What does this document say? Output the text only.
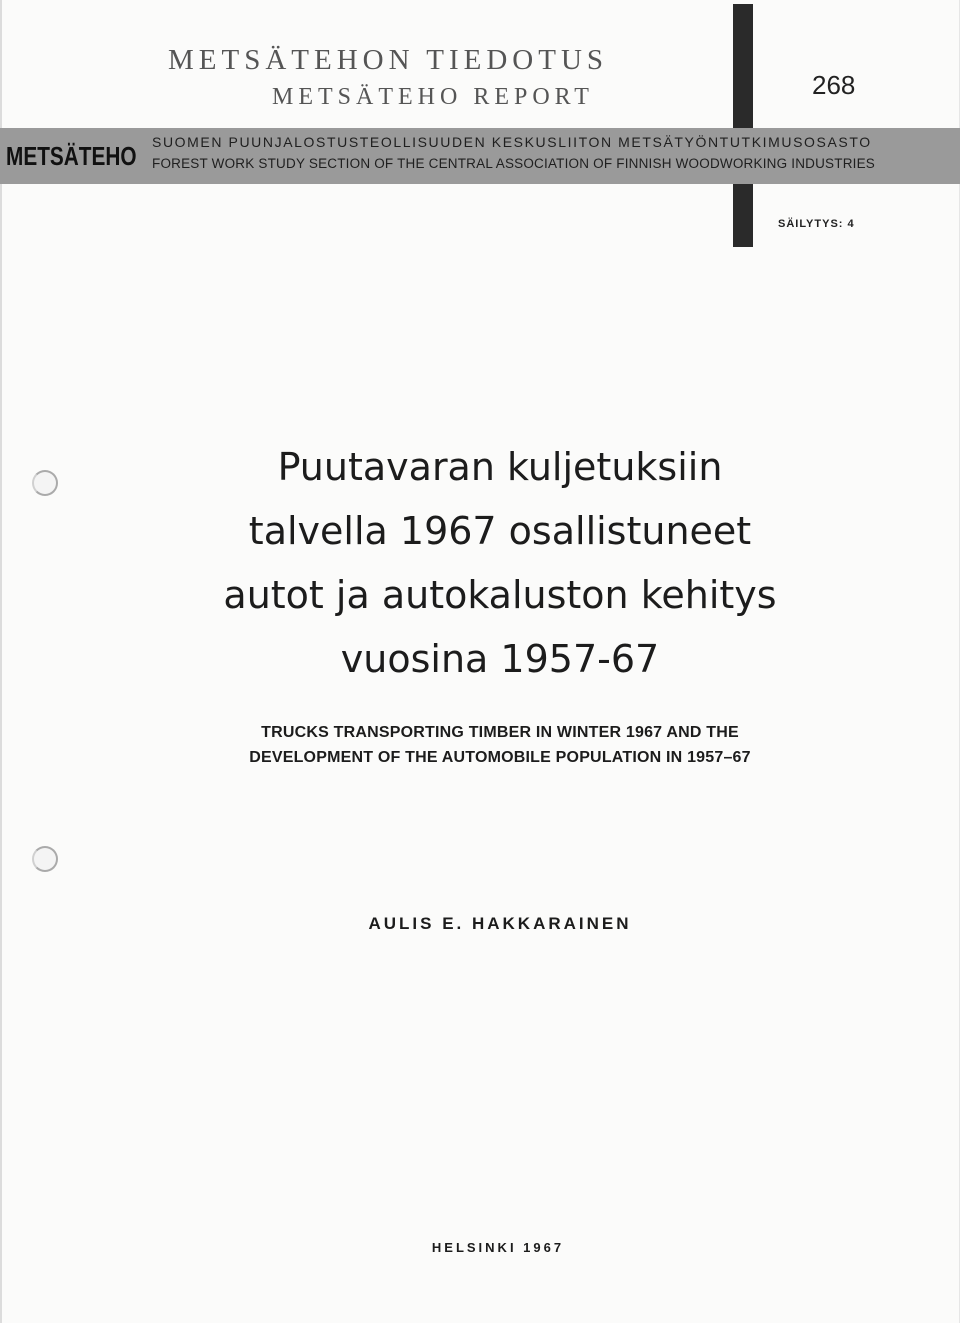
METSÄTEHON TIEDOTUS
METSÄTEHO REPORT	268
METSÄTEHO SUOMEN PUUNJALOSTUSTEOLLISUUDEN KESKUSLIITON METSÄTYÖNTUTKIMUSOSASTO
FOREST WORK STUDY SECTION OF THE CENTRAL ASSOCIATION OF FINNISH WOODWORKING INDUSTRIES
SÄILYTYS: 4
Puutavaran kuljetuksiin
talvella 1967 osallistuneet
autot ja autokaluston kehitys
vuosina 1957-67
TRUCKS TRANSPORTING TIMBER IN WINTER 1967 AND THE
DEVELOPMENT OF THE AUTOMOBILE POPULATION IN 1957–67
AULIS E. HAKKARAINEN
HELSINKI 1967
